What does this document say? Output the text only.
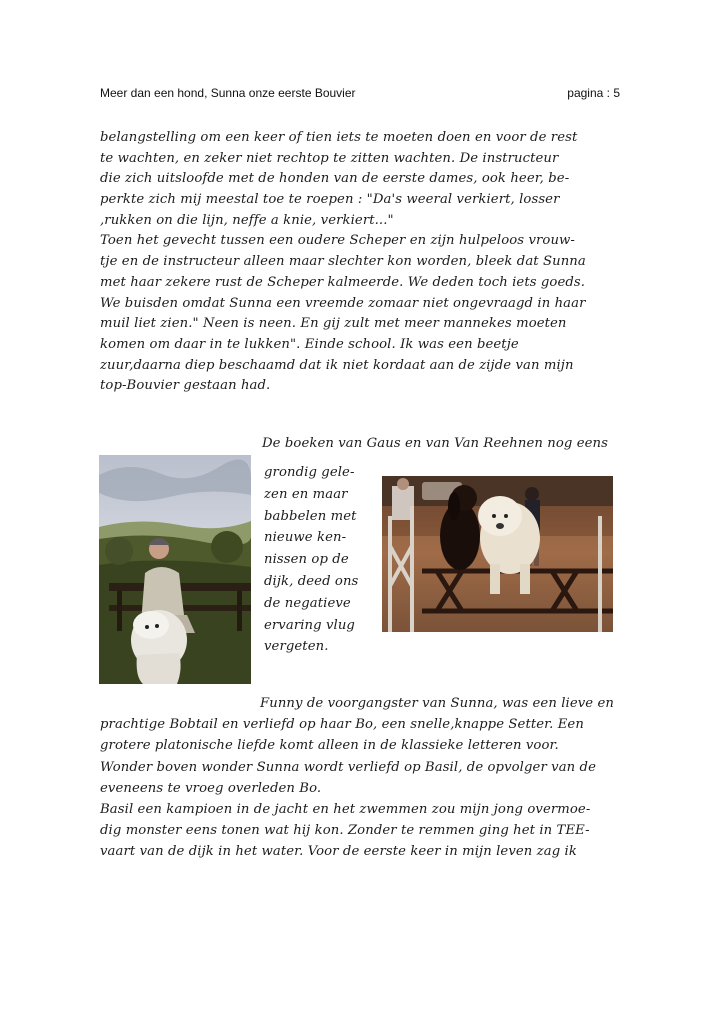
Meer dan een hond, Sunna onze eerste Bouvier	pagina : 5
belangstelling om een keer of tien iets te moeten doen en voor de rest
te wachten, en zeker niet rechtop te zitten wachten. De instructeur
die zich uitsloofde met de honden van de eerste dames, ook heer, be-
perkte zich mij meestal toe te roepen : "Da's weeral verkiert, losser
,rukken on die lijn, neffe a knie, verkiert..."
Toen het gevecht tussen een oudere Scheper en zijn hulpeloos vrouw-
tje en de instructeur alleen maar slechter kon worden, bleek dat Sunna
met haar zekere rust de Scheper kalmeerde. We deden toch iets goeds.
We buisden omdat Sunna een vreemde zomaar niet ongevraagd in haar
muil liet zien." Neen is neen. En gij zult met meer mannekes moeten
komen om daar in te lukken". Einde school. Ik was een beetje
zuur,daarna diep beschaamd dat ik niet kordaat aan de zijde van mijn
top-Bouvier gestaan had.
De boeken van Gaus en van Van Reehnen nog eens
grondig gele-
zen en maar
babbelen met
nieuwe ken-
nissen op de
dijk, deed ons
de negatieve
ervaring vlug
vergeten.
Funny de voorgangster van Sunna, was een lieve en
prachtige Bobtail en verliefd op haar Bo, een snelle,knappe Setter. Een
grotere platonische liefde komt alleen in de klassieke letteren voor.
Wonder boven wonder Sunna wordt verliefd op Basil, de opvolger van de
eveneens te vroeg overleden Bo.
Basil een kampioen in de jacht en het zwemmen zou mijn jong overmoe-
dig monster eens tonen wat hij kon. Zonder te remmen ging het in TEE-
vaart van de dijk in het water. Voor de eerste keer in mijn leven zag ik
